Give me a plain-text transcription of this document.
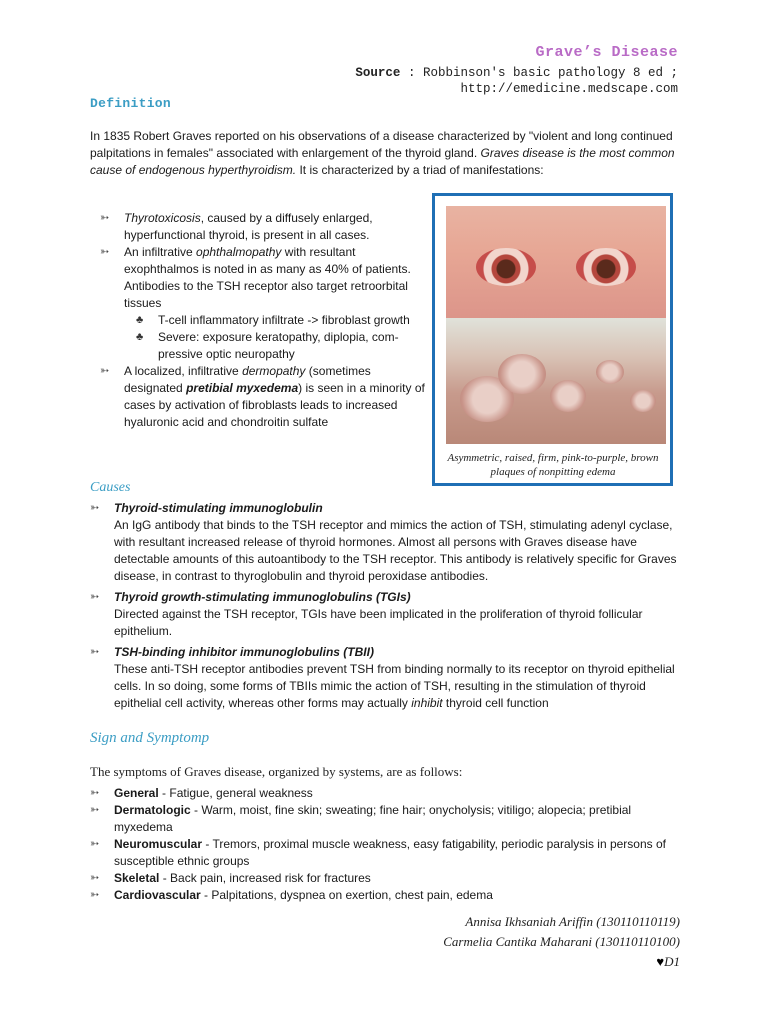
Grave’s Disease
Source : Robbinson's basic pathology 8 ed ;
http://emedicine.medscape.com
Definition
In 1835 Robert Graves reported on his observations of a disease characterized by "violent and long continued palpitations in females" associated with enlargement of the thyroid gland. Graves disease is the most common cause of endogenous hyperthyroidism. It is characterized by a triad of manifestations:
➳	Thyrotoxicosis, caused by a diffusely enlarged, hyperfunctional thyroid, is present in all cases.
➳	An infiltrative ophthalmopathy with resultant exophthalmos is noted in as many as 40% of patients. Antibodies to the TSH receptor also target retroorbital tissues
♣ T-cell inflammatory infiltrate -> fibroblast growth
♣ Severe: exposure keratopathy, diplopia, com-pressive optic neuropathy
➳	A localized, infiltrative dermopathy (sometimes designated pretibial myxedema) is seen in a minority of cases by activation of fibroblasts leads to increased hyaluronic acid and chondroitin sulfate
Asymmetric, raised, firm, pink-to-purple, brown plaques of nonpitting edema
Causes
➳	Thyroid-stimulating immunoglobulin
An IgG antibody that binds to the TSH receptor and mimics the action of TSH, stimulating adenyl cyclase, with resultant increased release of thyroid hormones. Almost all persons with Graves disease have detectable amounts of this autoantibody to the TSH receptor. This antibody is relatively specific for Graves disease, in contrast to thyroglobulin and thyroid peroxidase antibodies.
➳	Thyroid growth-stimulating immunoglobulins (TGIs)
Directed against the TSH receptor, TGIs have been implicated in the proliferation of thyroid follicular epithelium.
➳	TSH-binding inhibitor immunoglobulins (TBII)
These anti-TSH receptor antibodies prevent TSH from binding normally to its receptor on thyroid epithelial cells. In so doing, some forms of TBIIs mimic the action of TSH, resulting in the stimulation of thyroid epithelial cell activity, whereas other forms may actually inhibit thyroid cell function
Sign and Symptomp
The symptoms of Graves disease, organized by systems, are as follows:
➳	General - Fatigue, general weakness
➳	Dermatologic - Warm, moist, fine skin; sweating; fine hair; onycholysis; vitiligo; alopecia; pretibial myxedema
➳	Neuromuscular - Tremors, proximal muscle weakness, easy fatigability, periodic paralysis in persons of susceptible ethnic groups
➳	Skeletal - Back pain, increased risk for fractures
➳	Cardiovascular - Palpitations, dyspnea on exertion, chest pain, edema
Annisa Ikhsaniah Ariffin (130110110119)
Carmelia Cantika Maharani (130110110100)
♥D1
